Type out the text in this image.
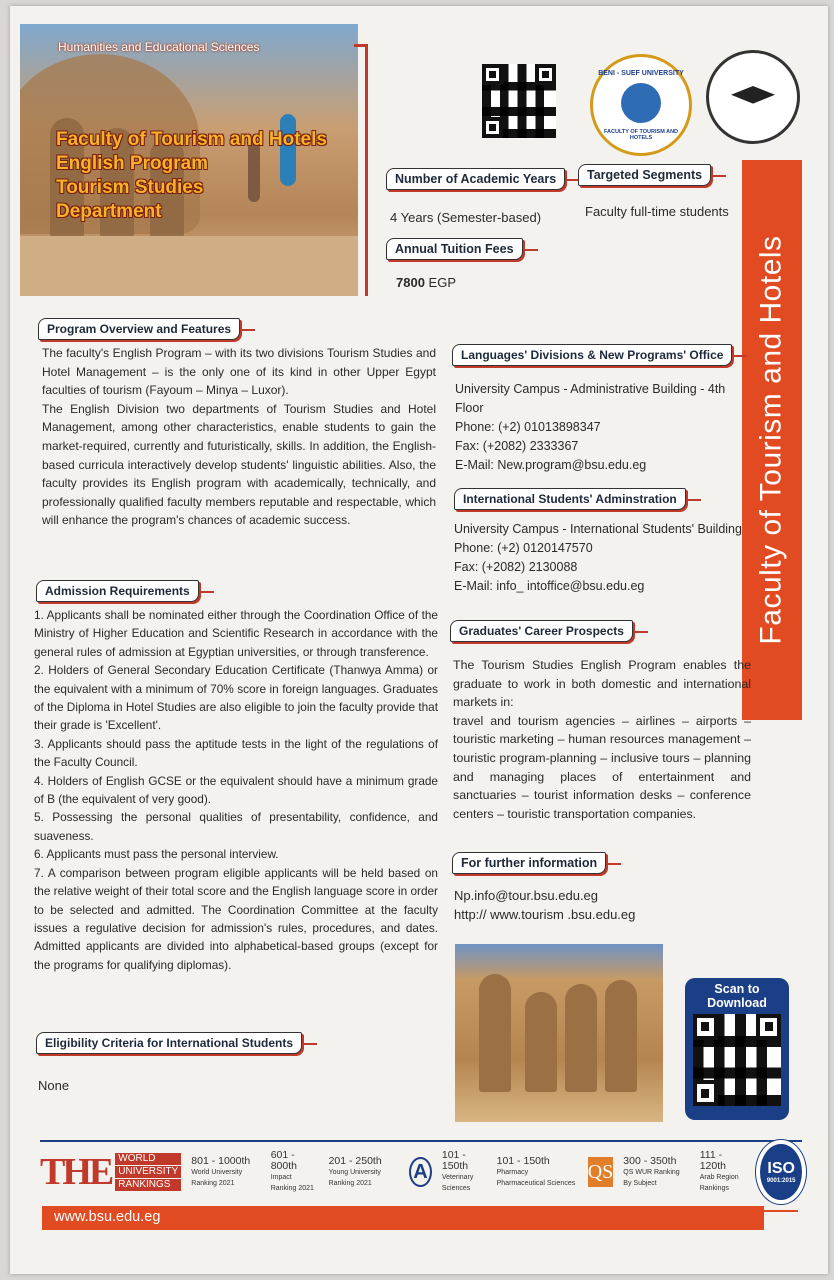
Humanities and Educational Sciences
Faculty of Tourism and Hotels
English Program
Tourism Studies
Department
BENI - SUEF UNIVERSITY
FACULTY OF TOURISM AND HOTELS
Number of Academic Years
4 Years (Semester-based)
Targeted Segments
Faculty full-time students
Annual Tuition Fees
7800 EGP	Faculty of Tourism and Hotels
Program Overview and Features

The faculty's English Program – with its two divisions Tourism Studies and Hotel Management – is the only one of its kind in other Upper Egypt faculties of tourism (Fayoum – Minya – Luxor).

The English Division two departments of Tourism Studies and Hotel Management, among other characteristics, enable students to gain the market-required, currently and futuristically, skills. In addition, the English-based curricula interactively develop students' linguistic abilities. Also, the faculty provides its English program with academically, technically, and professionally qualified faculty members reputable and respectable, which will enhance the program's chances of academic success.

Admission Requirements

1. Applicants shall be nominated either through the Coordination Office of the Ministry of Higher Education and Scientific Research in accordance with the general rules of admission at Egyptian universities, or through transference.

2. Holders of General Secondary Education Certificate (Thanwya Amma) or the equivalent with a minimum of 70% score in foreign languages. Graduates of the Diploma in Hotel Studies are also eligible to join the faculty provide that their grade is 'Excellent'.

3. Applicants should pass the aptitude tests in the light of the regulations of the Faculty Council.

4. Holders of English GCSE or the equivalent should have a minimum grade of B (the equivalent of very good).

5. Possessing the personal qualities of presentability, confidence, and suaveness.

6. Applicants must pass the personal interview.

7. A comparison between program eligible applicants will be held based on the relative weight of their total score and the English language score in order to be selected and admitted. The Coordination Committee at the faculty issues a regulative decision for admission's rules, procedures, and dates. Admitted applicants are divided into alphabetical-based groups (except for the programs for qualifying diplomas).

Eligibility Criteria for International Students
None
Languages' Divisions & New Programs' Office
University Campus - Administrative Building - 4th Floor
Phone: (+2) 01013898347
Fax: (+2082) 2333367
E-Mail: New.program@bsu.edu.eg
International Students' Adminstration
University Campus - International Students' Building
Phone: (+2) 0120147570
Fax: (+2082) 2130088
E-Mail: info_ intoffice@bsu.edu.eg
Graduates' Career Prospects

The Tourism Studies English Program enables the graduate to work in both domestic and international markets in:

travel and tourism agencies – airlines – airports – touristic marketing – human resources management – touristic program-planning – inclusive tours – planning and managing places of entertainment and sanctuaries – tourist information desks – conference centers – touristic transportation companies.

For further information
Np.info@tour.bsu.edu.eg
http:// www.tourism .bsu.edu.eg
Scan to
Download
THE WORLD
UNIVERSITY
RANKINGS
801 - 1000th
World University Ranking 2021
601 - 800th
Impact Ranking 2021
201 - 250th
Young University Ranking 2021
A
101 - 150th
Veterinary Sciences
101 - 150th
Pharmacy Pharmaceutical Sciences
QS 300 - 350th
QS WUR Ranking By Subject
111 - 120th
Arab Region Rankings
ISO
9001:2015
www.bsu.edu.eg
